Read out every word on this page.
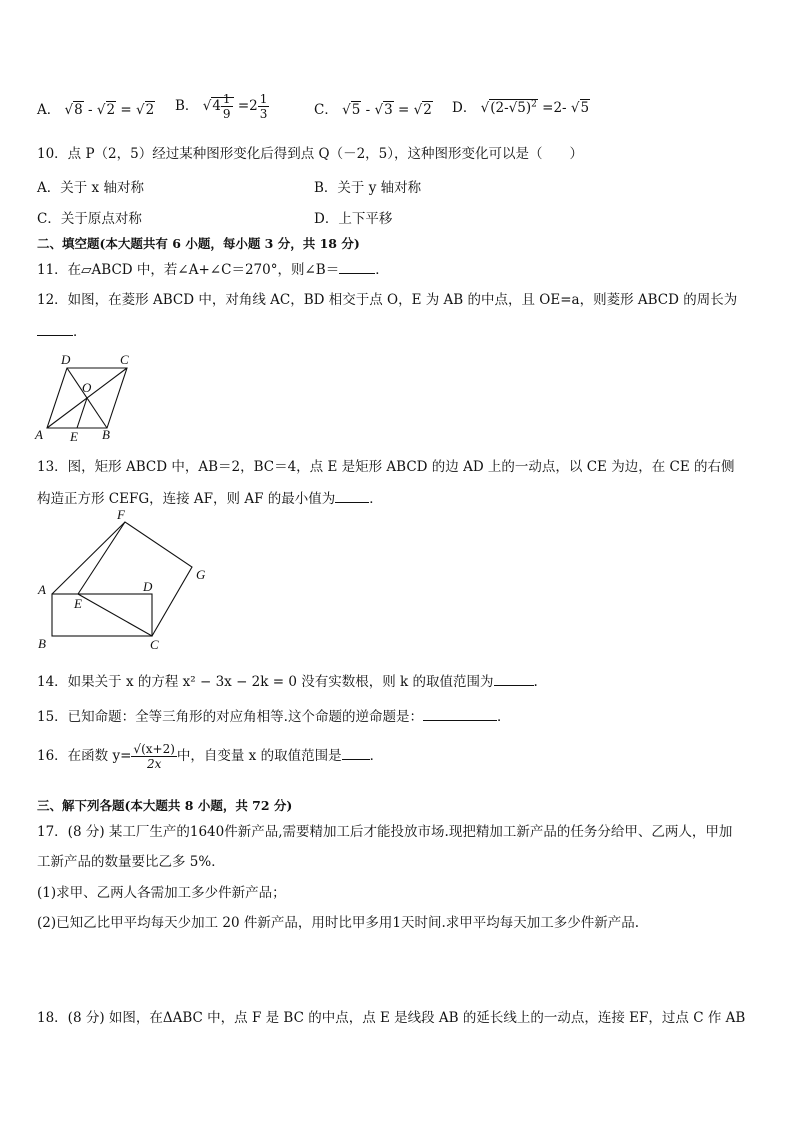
A． √8 - √2 = √2 B． $√4 \frac{1}{9} =2 \frac{1}{3}$	C． √5 - √3 = √2 D． $√(2-√5)^2 =2-$ √5
10．点 P（2，5）经过某种图形变化后得到点 Q（－2，5），这种图形变化可以是（　　）
A．关于 x 轴对称	B．关于 y 轴对称
C．关于原点对称	D．上下平移
二、填空题(本大题共有 6 小题，每小题 3 分，共 18 分)
11．在▱ABCD 中，若∠A+∠C＝270°，则∠B＝	．
12．如图，在菱形 ABCD 中，对角线 AC，BD 相交于点 O，E 为 AB 的中点，且 OE=a，则菱形 ABCD 的周长为
．
A	B
C
D
E
O
13．图，矩形 ABCD 中，AB＝2，BC＝4，点 E 是矩形 ABCD 的边 AD 上的一动点，以 CE 为边，在 CE 的右侧
构造正方形 CEFG，连接 AF，则 AF 的最小值为	．
A
B	C
D
E
F
G
14．如果关于 x 的方程 x² − 3x − 2k = 0 没有实数根，则 k 的取值范围为	.
15．已知命题：全等三角形的对应角相等.这个命题的逆命题是：	．
16．在函数 $y= \frac{√(x+2)}{2x}$ 中，自变量 x 的取值范围是 ．
三、解下列各题(本大题共 8 小题，共 72 分)
17．(8 分) 某工厂生产的1640件新产品,需要精加工后才能投放市场.现把精加工新产品的任务分给甲、乙两人，甲加
工新产品的数量要比乙多 5%．
(1)求甲、乙两人各需加工多少件新产品；
(2)已知乙比甲平均每天少加工 20 件新产品，用时比甲多用1天时间.求甲平均每天加工多少件新产品.
18．(8 分) 如图，在ΔABC 中，点 F 是 BC 的中点，点 E 是线段 AB 的延长线上的一动点，连接 EF，过点 C 作 AB
